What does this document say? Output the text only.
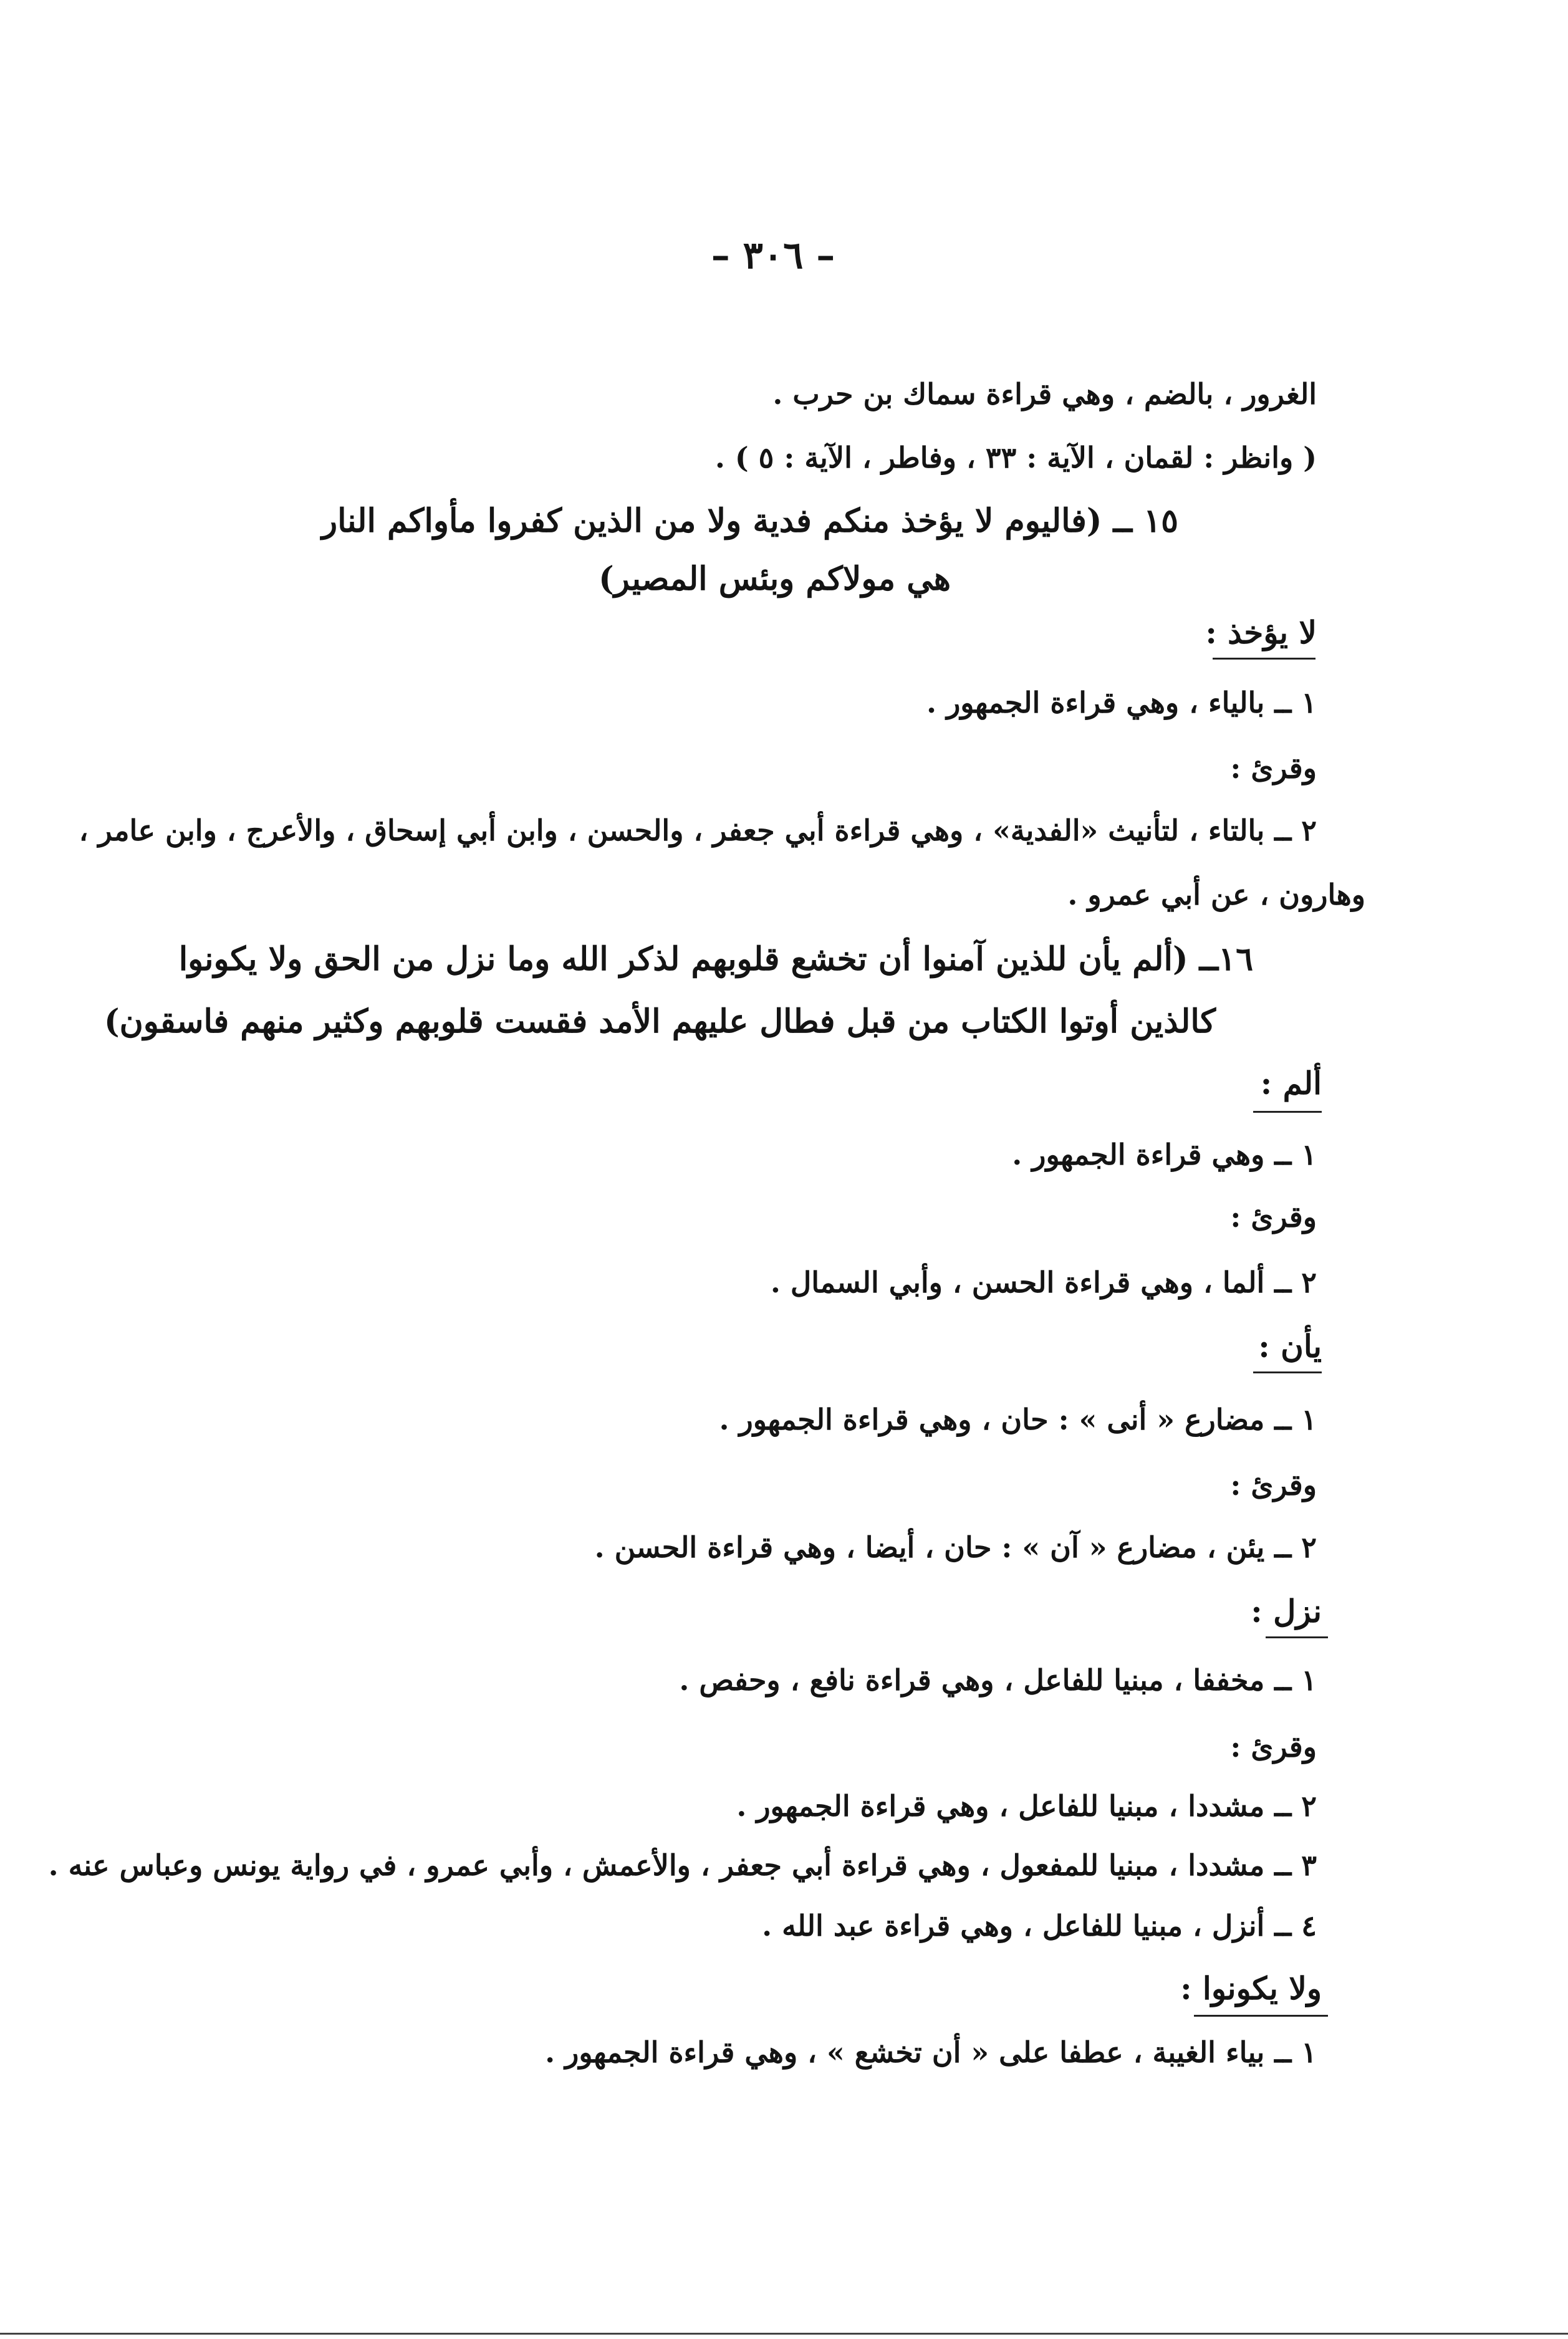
– ٣٠٦ –
الغرور ، بالضم ، وهي قراءة سماك بن حرب .
( وانظر : لقمان ، الآية : ٣٣ ، وفاطر ، الآية : ٥ ) .
١٥ ــ (فاليوم لا يؤخذ منكم فدية ولا من الذين كفروا مأواكم النار
هي مولاكم وبئس المصير)
لا يؤخذ :
١ ــ بالياء ، وهي قراءة الجمهور .
وقرئ :
٢ ــ بالتاء ، لتأنيث «الفدية» ، وهي قراءة أبي جعفر ، والحسن ، وابن أبي إسحاق ، والأعرج ، وابن عامر ،
وهارون ، عن أبي عمرو .
١٦ــ (ألم يأن للذين آمنوا أن تخشع قلوبهم لذكر الله وما نزل من الحق ولا يكونوا
كالذين أوتوا الكتاب من قبل فطال عليهم الأمد فقست قلوبهم وكثير منهم فاسقون)
ألم :
١ ــ وهي قراءة الجمهور .
وقرئ :
٢ ــ ألما ، وهي قراءة الحسن ، وأبي السمال .
يأن :
١ ــ مضارع « أنى » : حان ، وهي قراءة الجمهور .
وقرئ :
٢ ــ يئن ، مضارع « آن » : حان ، أيضا ، وهي قراءة الحسن .
نزل :
١ ــ مخففا ، مبنيا للفاعل ، وهي قراءة نافع ، وحفص .
وقرئ :
٢ ــ مشددا ، مبنيا للفاعل ، وهي قراءة الجمهور .
٣ ــ مشددا ، مبنيا للمفعول ، وهي قراءة أبي جعفر ، والأعمش ، وأبي عمرو ، في رواية يونس وعباس عنه .
٤ ــ أنزل ، مبنيا للفاعل ، وهي قراءة عبد الله .
ولا يكونوا :
١ ــ بياء الغيبة ، عطفا على « أن تخشع » ، وهي قراءة الجمهور .
